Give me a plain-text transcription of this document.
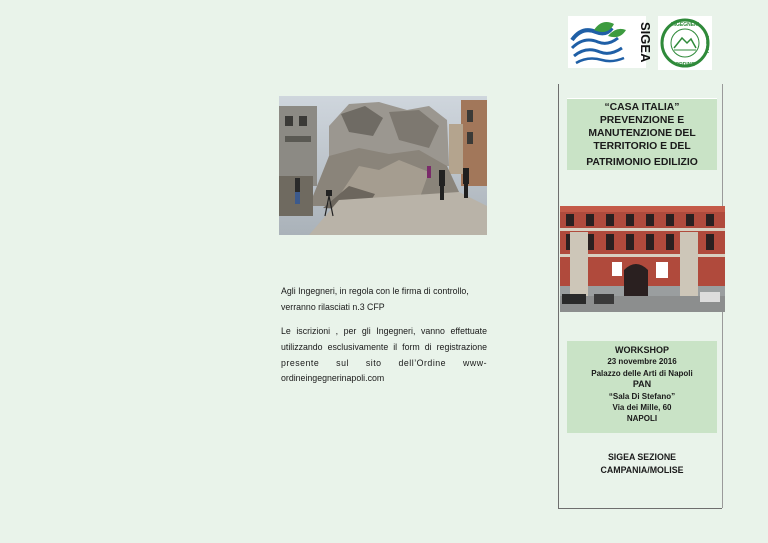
SIGEA	INGEGNERI
ORDINE
NAPOLI
“CASA ITALIA”
PREVENZIONE E
MANUTENZIONE DEL
TERRITORIO E DEL
PATRIMONIO EDILIZIO
Agli Ingegneri, in regola con le firma di controllo,
verranno rilasciati n.3 CFP
Le iscrizioni , per gli Ingegneri, vanno effettuate
utilizzando esclusivamente il form di registrazione
presente sul sito dell’Ordine www-
ordineingegnerinapoli.com
WORKSHOP
23 novembre 2016
Palazzo delle Arti di Napoli
PAN
“Sala Di Stefano”
Via dei Mille, 60
NAPOLI
SIGEA SEZIONE
CAMPANIA/MOLISE
